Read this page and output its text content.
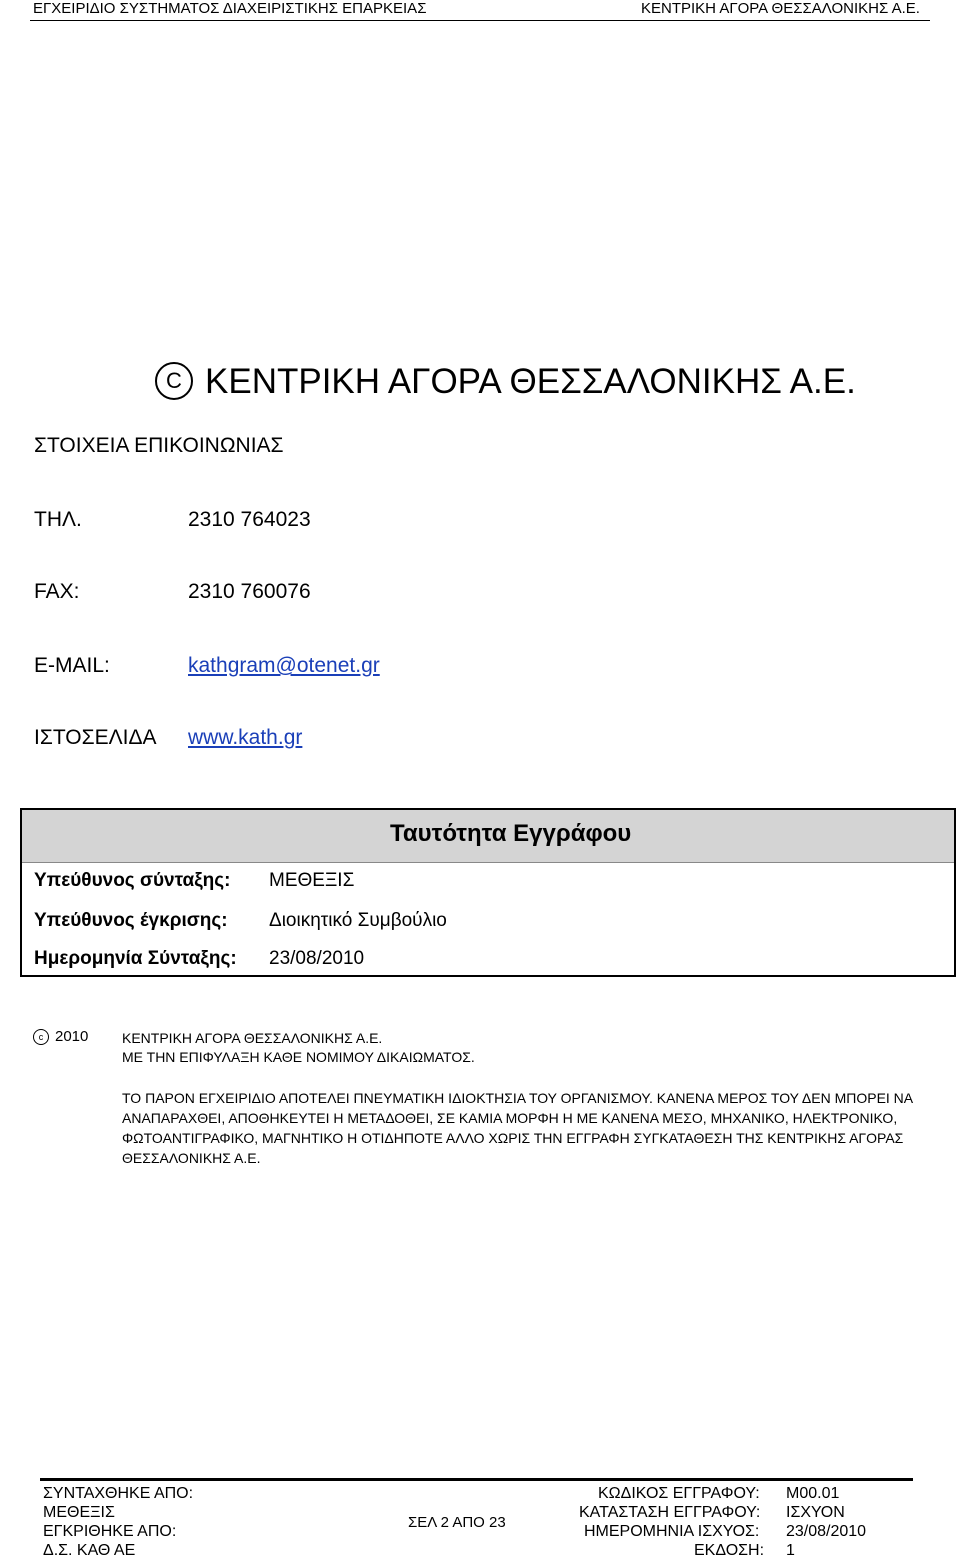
ΕΓΧΕΙΡΙΔΙΟ ΣΥΣΤΗΜΑΤΟΣ ΔΙΑΧΕΙΡΙΣΤΙΚΗΣ ΕΠΑΡΚΕΙΑΣ	ΚΕΝΤΡΙΚΗ ΑΓΟΡΑ ΘΕΣΣΑΛΟΝΙΚΗΣ Α.Ε.
C ΚΕΝΤΡΙΚΗ ΑΓΟΡΑ ΘΕΣΣΑΛΟΝΙΚΗΣ Α.Ε.
ΣΤΟΙΧΕΙΑ ΕΠΙΚΟΙΝΩΝΙΑΣ
ΤΗΛ.	2310 764023
FAX:	2310 760076
E-MAIL:	kathgram@otenet.gr
ΙΣΤΟΣΕΛΙΔΑ www.kath.gr
Ταυτότητα Εγγράφου
Υπεύθυνος σύνταξης: ΜΕΘΕΞΙΣ
Υπεύθυνος έγκρισης: Διοικητικό Συμβούλιο
Ημερομηνία Σύνταξης: 23/08/2010
c 2010 ΚΕΝΤΡΙΚΗ ΑΓΟΡΑ ΘΕΣΣΑΛΟΝΙΚΗΣ Α.Ε.
ΜΕ ΤΗΝ ΕΠΙΦΥΛΑΞΗ ΚΑΘΕ ΝΟΜΙΜΟΥ ΔΙΚΑΙΩΜΑΤΟΣ.
ΤΟ ΠΑΡΟΝ ΕΓΧΕΙΡΙΔΙΟ ΑΠΟΤΕΛΕΙ ΠΝΕΥΜΑΤΙΚΗ ΙΔΙΟΚΤΗΣΙΑ ΤΟΥ ΟΡΓΑΝΙΣΜΟΥ. ΚΑΝΕΝΑ ΜΕΡΟΣ ΤΟΥ ΔΕΝ ΜΠΟΡΕΙ ΝΑ ΑΝΑΠΑΡΑΧΘΕΙ, ΑΠΟΘΗΚΕΥΤΕΙ Η ΜΕΤΑΔΟΘΕΙ, ΣΕ ΚΑΜΙΑ ΜΟΡΦΗ Η ΜΕ ΚΑΝΕΝΑ ΜΕΣΟ, ΜΗΧΑΝΙΚΟ, ΗΛΕΚΤΡΟΝΙΚΟ, ΦΩΤΟΑΝΤΙΓΡΑΦΙΚΟ, ΜΑΓΝΗΤΙΚΟ Η ΟΤΙΔΗΠΟΤΕ ΑΛΛΟ ΧΩΡΙΣ ΤΗΝ ΕΓΓΡΑΦΗ ΣΥΓΚΑΤΑΘΕΣΗ ΤΗΣ ΚΕΝΤΡΙΚΗΣ ΑΓΟΡΑΣ ΘΕΣΣΑΛΟΝΙΚΗΣ Α.Ε.
ΣΥΝΤΑΧΘΗΚΕ ΑΠΟ:
ΜΕΘΕΞΙΣ
ΕΓΚΡΙΘΗΚΕ ΑΠΟ:
Δ.Σ. ΚΑΘ ΑΕ
ΣΕΛ 2 ΑΠΟ 23
ΚΩΔΙΚΟΣ ΕΓΓΡΑΦΟΥ: Μ00.01
ΚΑΤΑΣΤΑΣΗ ΕΓΓΡΑΦΟΥ: ΙΣΧΥΟΝ
ΗΜΕΡΟΜΗΝΙΑ ΙΣΧΥΟΣ: 23/08/2010
ΕΚΔΟΣΗ: 1
